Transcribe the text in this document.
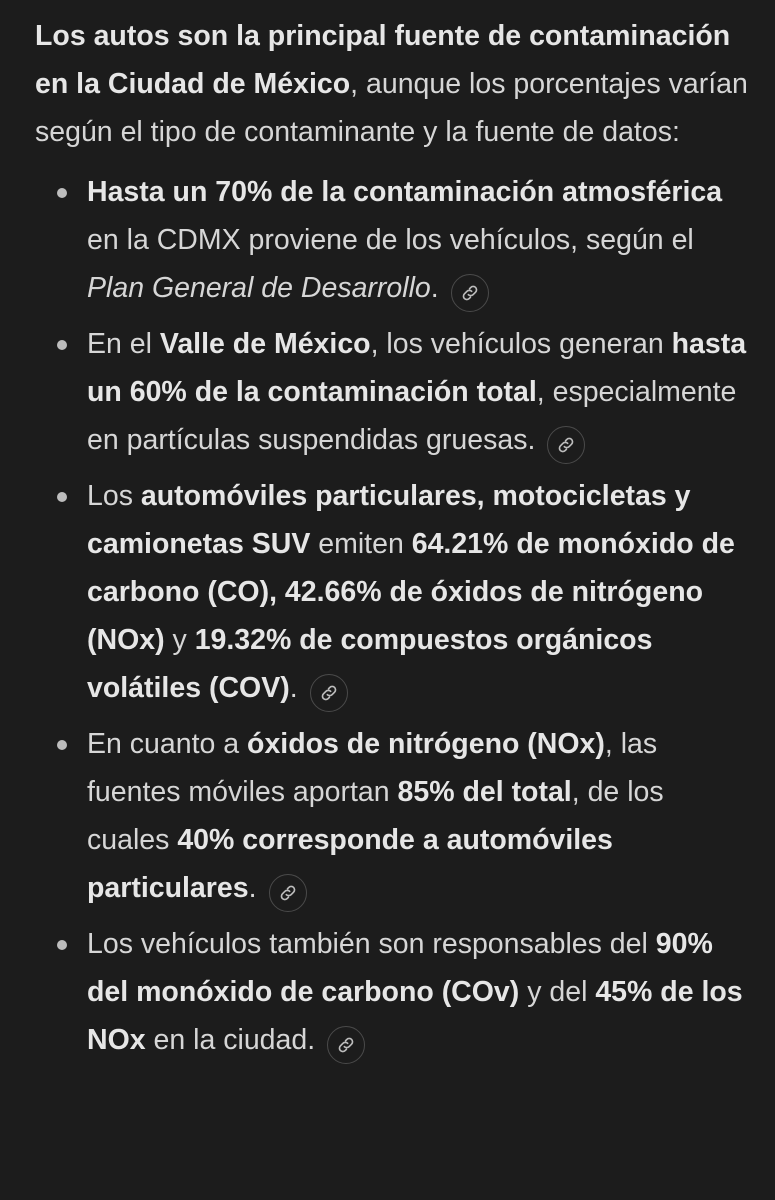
Los autos son la principal fuente de contaminación en la Ciudad de México, aunque los porcentajes varían según el tipo de contaminante y la fuente de datos:

Hasta un 70% de la contaminación atmosférica en la CDMX proviene de los vehículos, según el Plan General de Desarrollo.
En el Valle de México, los vehículos generan hasta un 60% de la contaminación total, especialmente en partículas suspendidas gruesas.
Los automóviles particulares, motocicletas y camionetas SUV emiten 64.21% de monóxido de carbono (CO), 42.66% de óxidos de nitrógeno (NOx) y 19.32% de compuestos orgánicos volátiles (COV).
En cuanto a óxidos de nitrógeno (NOx), las fuentes móviles aportan 85% del total, de los cuales 40% corresponde a automóviles particulares.
Los vehículos también son responsables del 90% del monóxido de carbono (COv) y del 45% de los NOx en la ciudad.
